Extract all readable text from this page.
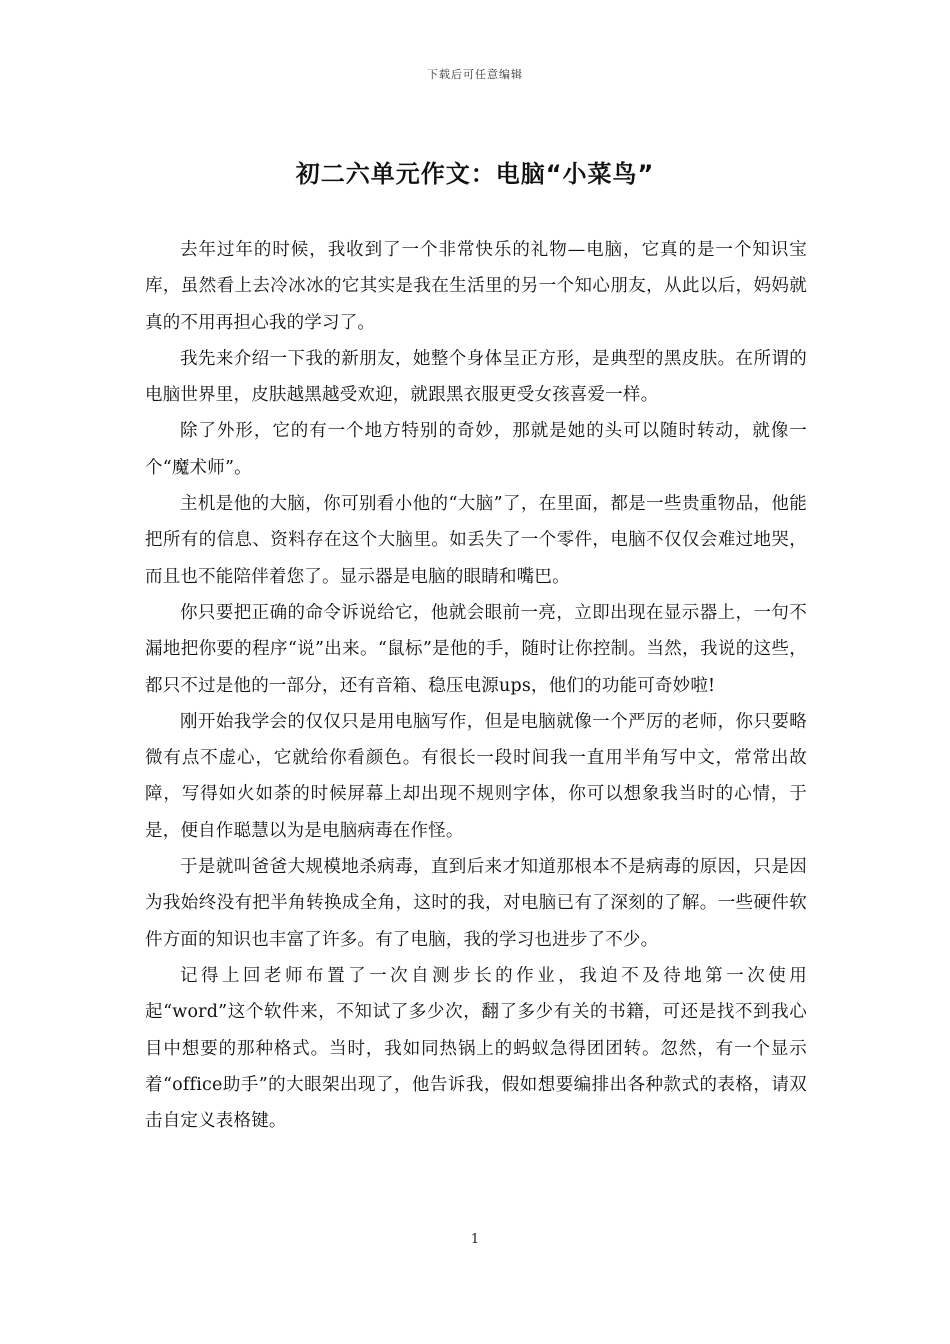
下载后可任意编辑
初二六单元作文：电脑“小菜鸟”

去年过年的时候，我收到了一个非常快乐的礼物—电脑，它真的是一个知识宝库，虽然看上去冷冰冰的它其实是我在生活里的另一个知心朋友，从此以后，妈妈就真的不用再担心我的学习了。

我先来介绍一下我的新朋友，她整个身体呈正方形，是典型的黑皮肤。在所谓的电脑世界里，皮肤越黑越受欢迎，就跟黑衣服更受女孩喜爱一样。

除了外形，它的有一个地方特别的奇妙，那就是她的头可以随时转动，就像一个“魔术师”。

主机是他的大脑，你可别看小他的“大脑”了，在里面，都是一些贵重物品，他能把所有的信息、资料存在这个大脑里。如丢失了一个零件，电脑不仅仅会难过地哭，而且也不能陪伴着您了。显示器是电脑的眼睛和嘴巴。

你只要把正确的命令诉说给它，他就会眼前一亮，立即出现在显示器上，一句不漏地把你要的程序“说”出来。“鼠标”是他的手，随时让你控制。当然，我说的这些，都只不过是他的一部分，还有音箱、稳压电源ups，他们的功能可奇妙啦!

刚开始我学会的仅仅只是用电脑写作，但是电脑就像一个严厉的老师，你只要略微有点不虚心，它就给你看颜色。有很长一段时间我一直用半角写中文，常常出故障，写得如火如荼的时候屏幕上却出现不规则字体，你可以想象我当时的心情，于是，便自作聪慧以为是电脑病毒在作怪。

于是就叫爸爸大规模地杀病毒，直到后来才知道那根本不是病毒的原因，只是因为我始终没有把半角转换成全角，这时的我，对电脑已有了深刻的了解。一些硬件软件方面的知识也丰富了许多。有了电脑，我的学习也进步了不少。

记得上回老师布置了一次自测步长的作业，我迫不及待地第一次使用起“word”这个软件来，不知试了多少次，翻了多少有关的书籍，可还是找不到我心目中想要的那种格式。当时，我如同热锅上的蚂蚁急得团团转。忽然，有一个显示着“office助手”的大眼架出现了，他告诉我，假如想要编排出各种款式的表格，请双击自定义表格键。

1
